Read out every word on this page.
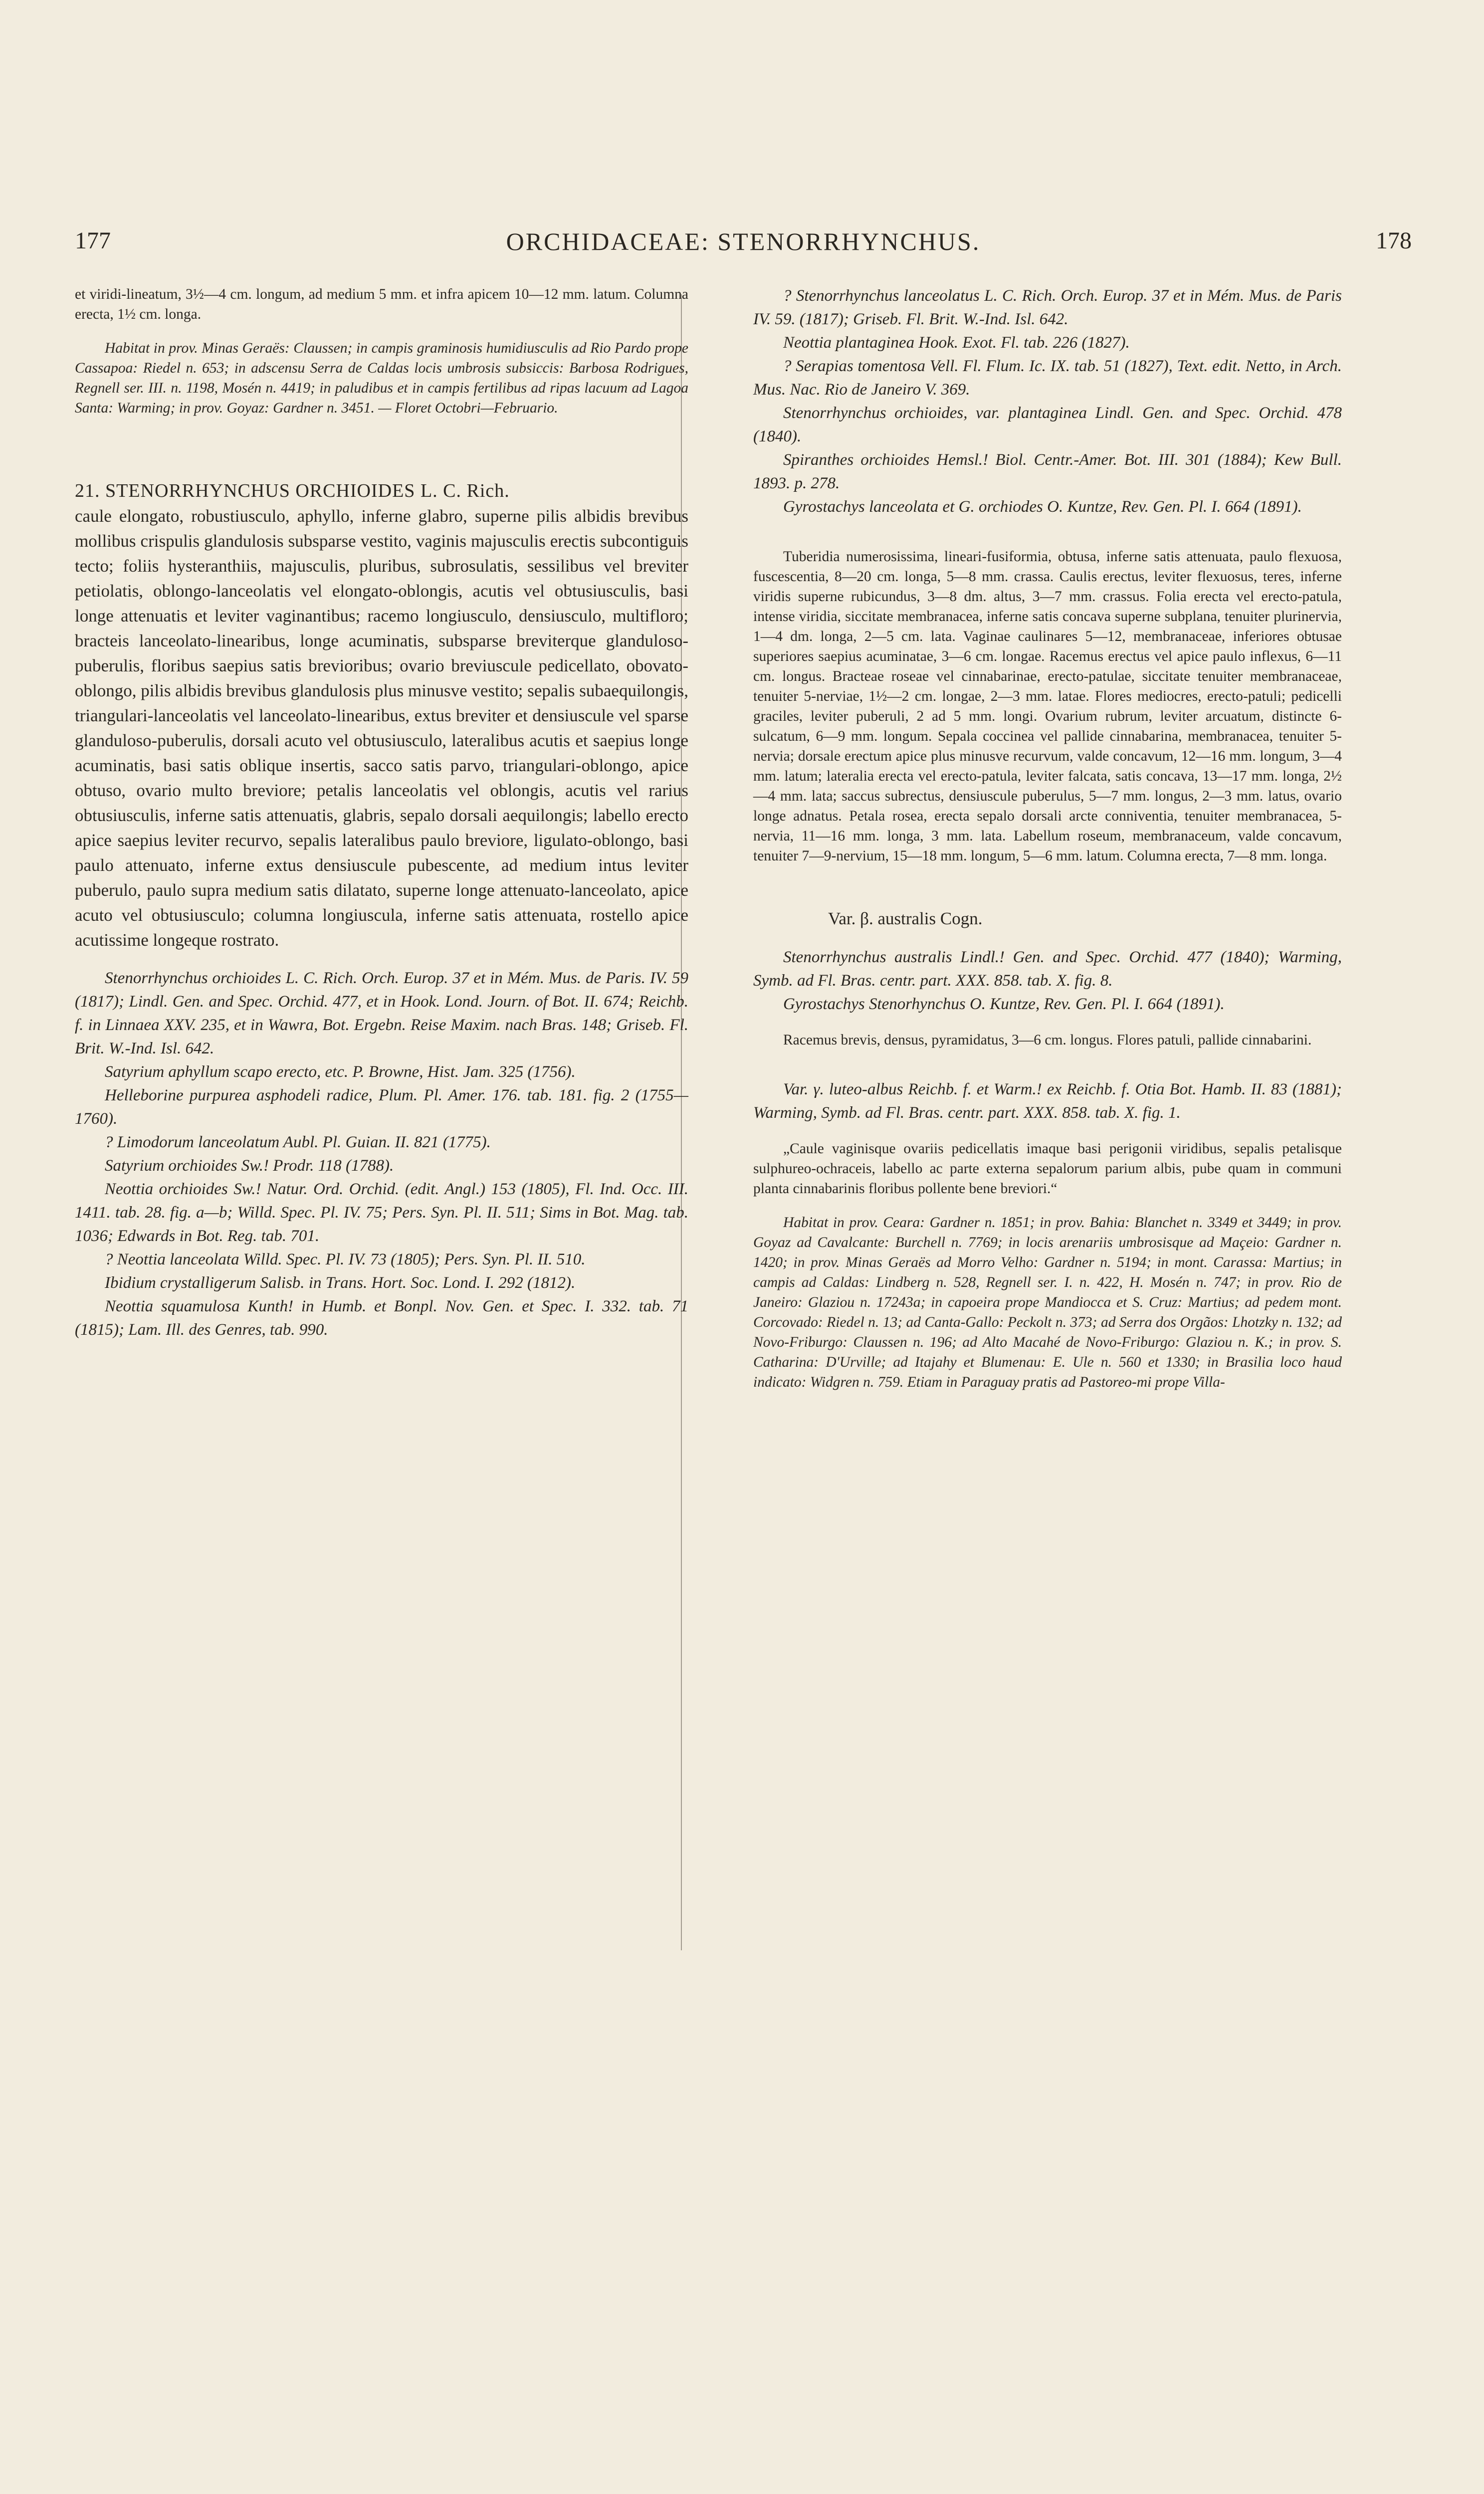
177	ORCHIDACEAE: STENORRHYNCHUS.	178

et viridi-lineatum, 3½—4 cm. longum, ad medium 5 mm. et infra apicem 10—12 mm. latum. Columna erecta, 1½ cm. longa.

Habitat in prov. Minas Geraës: Claussen; in campis graminosis humidiusculis ad Rio Pardo prope Cassapoa: Riedel n. 653; in adscensu Serra de Caldas locis umbrosis subsiccis: Barbosa Rodrigues, Regnell ser. III. n. 1198, Mosén n. 4419; in paludibus et in campis fertilibus ad ripas lacuum ad Lagoa Santa: Warming; in prov. Goyaz: Gardner n. 3451. — Floret Octobri—Februario.

21. STENORRHYNCHUS ORCHIOIDES L. C. Rich.

caule elongato, robustiusculo, aphyllo, inferne glabro, superne pilis albidis brevibus mollibus crispulis glandulosis subsparse vestito, vaginis majusculis erectis subcontiguis tecto; foliis hysteranthiis, majusculis, pluribus, subrosulatis, sessilibus vel breviter petiolatis, oblongo-lanceolatis vel elongato-oblongis, acutis vel obtusiusculis, basi longe attenuatis et leviter vaginantibus; racemo longiusculo, densiusculo, multifloro; bracteis lanceolato-linearibus, longe acuminatis, subsparse breviterque glanduloso-puberulis, floribus saepius satis brevioribus; ovario breviuscule pedicellato, obovato-oblongo, pilis albidis brevibus glandulosis plus minusve vestito; sepalis subaequilongis, triangulari-lanceolatis vel lanceolato-linearibus, extus breviter et densiuscule vel sparse glanduloso-puberulis, dorsali acuto vel obtusiusculo, lateralibus acutis et saepius longe acuminatis, basi satis oblique insertis, sacco satis parvo, triangulari-oblongo, apice obtuso, ovario multo breviore; petalis lanceolatis vel oblongis, acutis vel rarius obtusiusculis, inferne satis attenuatis, glabris, sepalo dorsali aequilongis; labello erecto apice saepius leviter recurvo, sepalis lateralibus paulo breviore, ligulato-oblongo, basi paulo attenuato, inferne extus densiuscule pubescente, ad medium intus leviter puberulo, paulo supra medium satis dilatato, superne longe attenuato-lanceolato, apice acuto vel obtusiusculo; columna longiuscula, inferne satis attenuata, rostello apice acutissime longeque rostrato.

Stenorrhynchus orchioides L. C. Rich. Orch. Europ. 37 et in Mém. Mus. de Paris. IV. 59 (1817); Lindl. Gen. and Spec. Orchid. 477, et in Hook. Lond. Journ. of Bot. II. 674; Reichb. f. in Linnaea XXV. 235, et in Wawra, Bot. Ergebn. Reise Maxim. nach Bras. 148; Griseb. Fl. Brit. W.-Ind. Isl. 642.

Satyrium aphyllum scapo erecto, etc. P. Browne, Hist. Jam. 325 (1756).

Helleborine purpurea asphodeli radice, Plum. Pl. Amer. 176. tab. 181. fig. 2 (1755—1760).

? Limodorum lanceolatum Aubl. Pl. Guian. II. 821 (1775).

Satyrium orchioides Sw.! Prodr. 118 (1788).

Neottia orchioides Sw.! Natur. Ord. Orchid. (edit. Angl.) 153 (1805), Fl. Ind. Occ. III. 1411. tab. 28. fig. a—b; Willd. Spec. Pl. IV. 75; Pers. Syn. Pl. II. 511; Sims in Bot. Mag. tab. 1036; Edwards in Bot. Reg. tab. 701.

? Neottia lanceolata Willd. Spec. Pl. IV. 73 (1805); Pers. Syn. Pl. II. 510.

Ibidium crystalligerum Salisb. in Trans. Hort. Soc. Lond. I. 292 (1812).

Neottia squamulosa Kunth! in Humb. et Bonpl. Nov. Gen. et Spec. I. 332. tab. 71 (1815); Lam. Ill. des Genres, tab. 990.

? Stenorrhynchus lanceolatus L. C. Rich. Orch. Europ. 37 et in Mém. Mus. de Paris IV. 59. (1817); Griseb. Fl. Brit. W.-Ind. Isl. 642.

Neottia plantaginea Hook. Exot. Fl. tab. 226 (1827).

? Serapias tomentosa Vell. Fl. Flum. Ic. IX. tab. 51 (1827), Text. edit. Netto, in Arch. Mus. Nac. Rio de Janeiro V. 369.

Stenorrhynchus orchioides, var. plantaginea Lindl. Gen. and Spec. Orchid. 478 (1840).

Spiranthes orchioides Hemsl.! Biol. Centr.-Amer. Bot. III. 301 (1884); Kew Bull. 1893. p. 278.

Gyrostachys lanceolata et G. orchiodes O. Kuntze, Rev. Gen. Pl. I. 664 (1891).

Tuberidia numerosissima, lineari-fusiformia, obtusa, inferne satis attenuata, paulo flexuosa, fuscescentia, 8—20 cm. longa, 5—8 mm. crassa. Caulis erectus, leviter flexuosus, teres, inferne viridis superne rubicundus, 3—8 dm. altus, 3—7 mm. crassus. Folia erecta vel erecto-patula, intense viridia, siccitate membranacea, inferne satis concava superne subplana, tenuiter plurinervia, 1—4 dm. longa, 2—5 cm. lata. Vaginae caulinares 5—12, membranaceae, inferiores obtusae superiores saepius acuminatae, 3—6 cm. longae. Racemus erectus vel apice paulo inflexus, 6—11 cm. longus. Bracteae roseae vel cinnabarinae, erecto-patulae, siccitate tenuiter membranaceae, tenuiter 5-nerviae, 1½—2 cm. longae, 2—3 mm. latae. Flores mediocres, erecto-patuli; pedicelli graciles, leviter puberuli, 2 ad 5 mm. longi. Ovarium rubrum, leviter arcuatum, distincte 6-sulcatum, 6—9 mm. longum. Sepala coccinea vel pallide cinnabarina, membranacea, tenuiter 5-nervia; dorsale erectum apice plus minusve recurvum, valde concavum, 12—16 mm. longum, 3—4 mm. latum; lateralia erecta vel erecto-patula, leviter falcata, satis concava, 13—17 mm. longa, 2½—4 mm. lata; saccus subrectus, densiuscule puberulus, 5—7 mm. longus, 2—3 mm. latus, ovario longe adnatus. Petala rosea, erecta sepalo dorsali arcte conniventia, tenuiter membranacea, 5-nervia, 11—16 mm. longa, 3 mm. lata. Labellum roseum, membranaceum, valde concavum, tenuiter 7—9-nervium, 15—18 mm. longum, 5—6 mm. latum. Columna erecta, 7—8 mm. longa.

Var. β. australis Cogn.

Stenorrhynchus australis Lindl.! Gen. and Spec. Orchid. 477 (1840); Warming, Symb. ad Fl. Bras. centr. part. XXX. 858. tab. X. fig. 8.

Gyrostachys Stenorhynchus O. Kuntze, Rev. Gen. Pl. I. 664 (1891).

Racemus brevis, densus, pyramidatus, 3—6 cm. longus. Flores patuli, pallide cinnabarini.

Var. γ. luteo-albus Reichb. f. et Warm.! ex Reichb. f. Otia Bot. Hamb. II. 83 (1881); Warming, Symb. ad Fl. Bras. centr. part. XXX. 858. tab. X. fig. 1.

„Caule vaginisque ovariis pedicellatis imaque basi perigonii viridibus, sepalis petalisque sulphureo-ochraceis, labello ac parte externa sepalorum parium albis, pube quam in communi planta cinnabarinis floribus pollente bene breviori.“

Habitat in prov. Ceara: Gardner n. 1851; in prov. Bahia: Blanchet n. 3349 et 3449; in prov. Goyaz ad Cavalcante: Burchell n. 7769; in locis arenariis umbrosisque ad Maçeio: Gardner n. 1420; in prov. Minas Geraës ad Morro Velho: Gardner n. 5194; in mont. Carassa: Martius; in campis ad Caldas: Lindberg n. 528, Regnell ser. I. n. 422, H. Mosén n. 747; in prov. Rio de Janeiro: Glaziou n. 17243a; in capoeira prope Mandiocca et S. Cruz: Martius; ad pedem mont. Corcovado: Riedel n. 13; ad Canta-Gallo: Peckolt n. 373; ad Serra dos Orgãos: Lhotzky n. 132; ad Novo-Friburgo: Claussen n. 196; ad Alto Macahé de Novo-Friburgo: Glaziou n. K.; in prov. S. Catharina: D'Urville; ad Itajahy et Blumenau: E. Ule n. 560 et 1330; in Brasilia loco haud indicato: Widgren n. 759. Etiam in Paraguay pratis ad Pastoreo-mi prope Villa-
